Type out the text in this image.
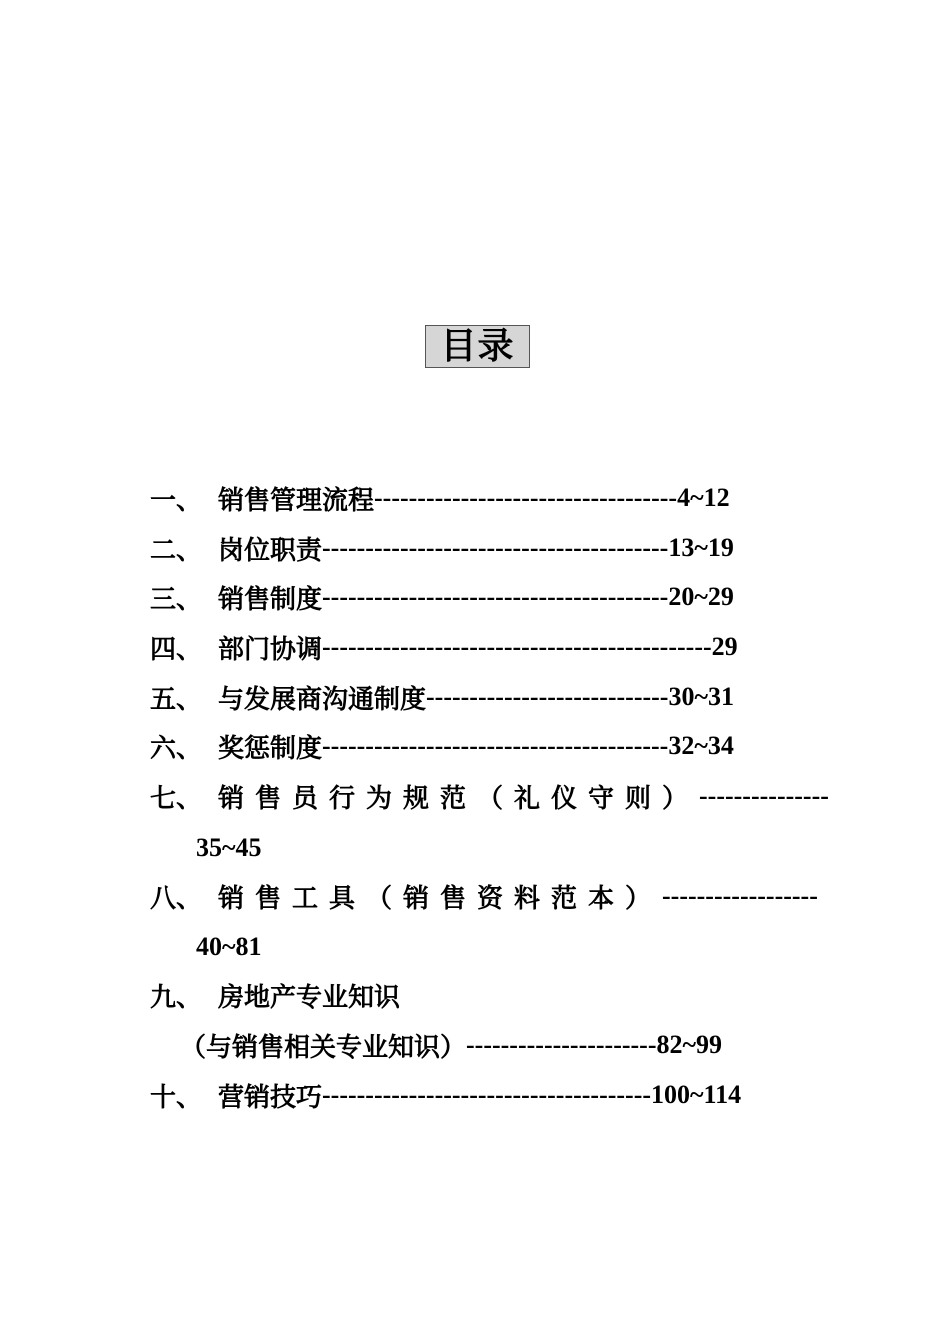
目录
一、 销售管理流程 ----------------------------------- 4~12
二、 岗位职责 ---------------------------------------- 13~19
三、 销售制度 ---------------------------------------- 20~29
四、 部门协调 --------------------------------------------- 29
五、 与发展商沟通制度 ---------------------------- 30~31
六、 奖惩制度 ---------------------------------------- 32~34
七、 销售员行为规范（礼仪守则） ---------------
35~45
八、 销售工具（销售资料范本） ------------------
40~81
九、 房地产专业知识
（与销售相关专业知识） ---------------------- 82~99
十、 营销技巧 -------------------------------------- 100~114
